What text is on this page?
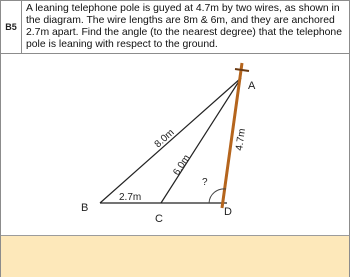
B5
A leaning telephone pole is guyed at 4.7m by two wires, as shown in the diagram. The wire lengths are 8m & 6m, and they are anchored 2.7m apart. Find the angle (to the nearest degree) that the telephone pole is leaning with respect to the ground.
A
B
C
D
8.0m
6.0m
4.7m
2.7m
?
